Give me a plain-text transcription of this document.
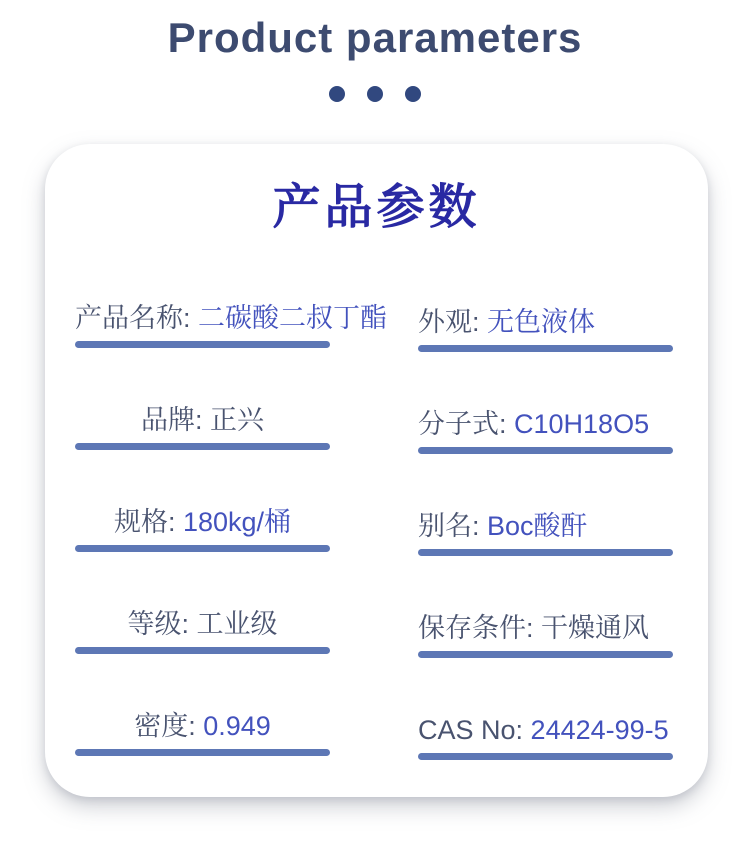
Product parameters
产品参数
产品名称: 二碳酸二叔丁酯
品牌: 正兴
规格: 180kg/桶
等级: 工业级
密度: 0.949
外观: 无色液体
分子式: C10H18O5
别名: Boc酸酐
保存条件: 干燥通风
CAS No: 24424-99-5
